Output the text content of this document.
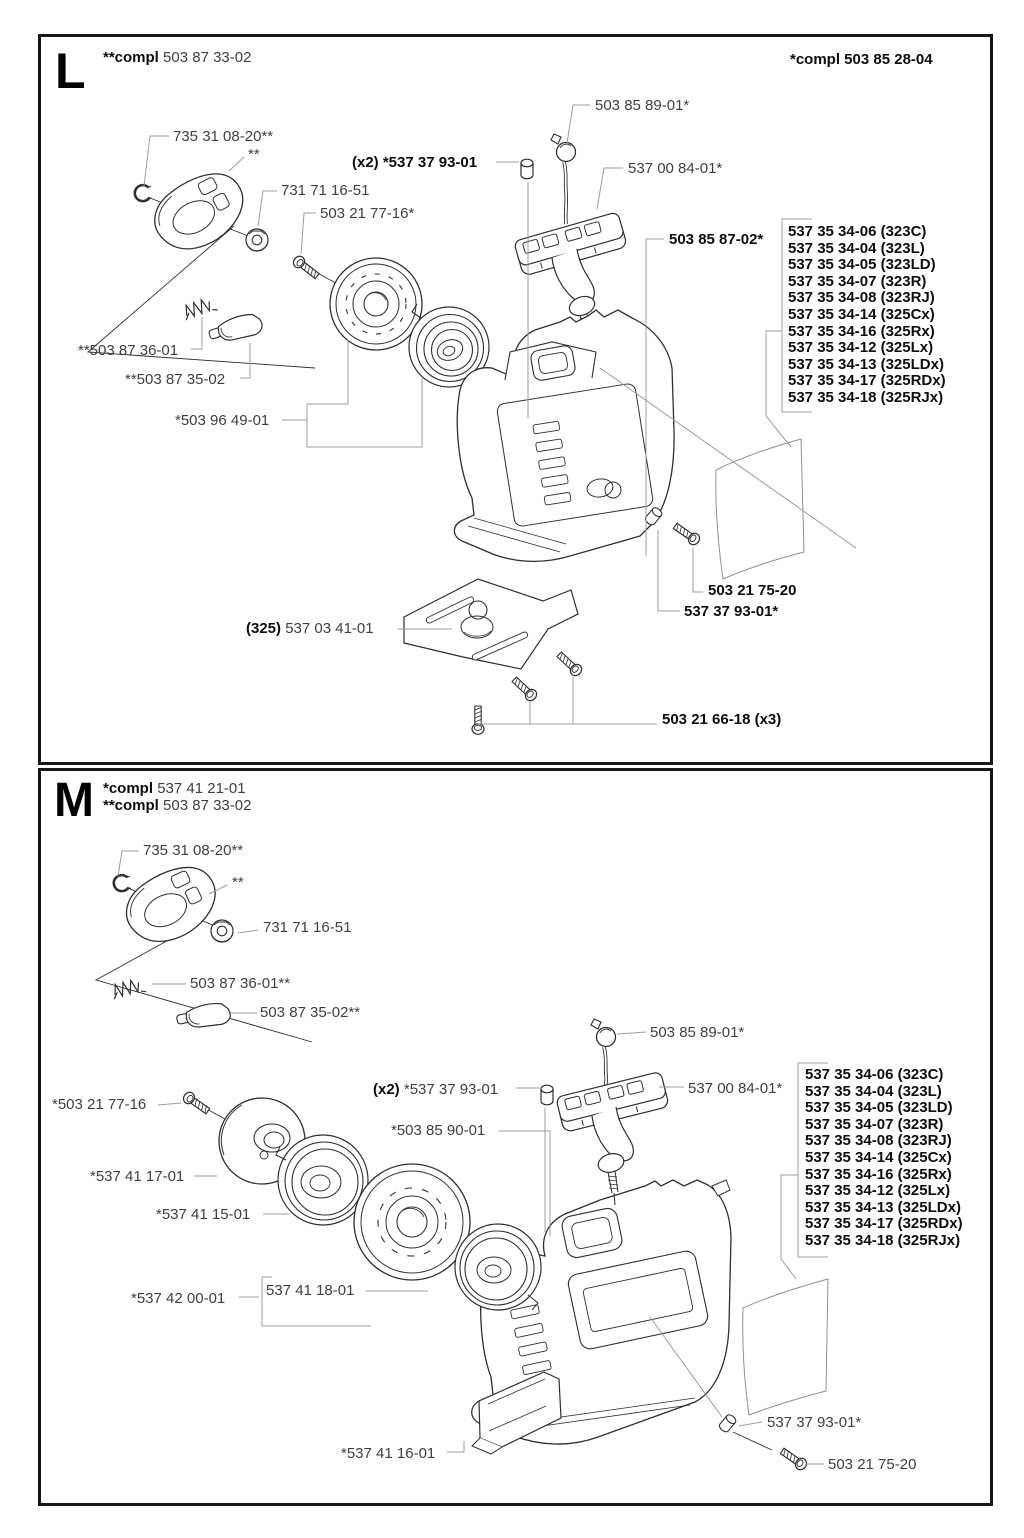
L **compl 503 87 33-02	*compl 503 85 28-04
735 31 08-20**
**
731 71 16-51
503 21 77-16*
(x2) *537 37 93-01
503 85 89-01*
537 00 84-01*
503 85 87-02*
**503 87 36-01
**503 87 35-02
*503 96 49-01
503 21 75-20
537 37 93-01*
(325) 537 03 41-01
503 21 66-18 (x3)
537 35 34-06 (323C)
537 35 34-04 (323L)
537 35 34-05 (323LD)
537 35 34-07 (323R)
537 35 34-08 (323RJ)
537 35 34-14 (325Cx)
537 35 34-16 (325Rx)
537 35 34-12 (325Lx)
537 35 34-13 (325LDx)
537 35 34-17 (325RDx)
537 35 34-18 (325RJx)
M *compl 537 41 21-01
**compl 503 87 33-02
735 31 08-20**
**
731 71 16-51
503 87 36-01**
503 87 35-02**
503 85 89-01*
(x2) *537 37 93-01	537 00 84-01*
*503 85 90-01
*503 21 77-16
*537 41 17-01
*537 41 15-01
*537 42 00-01	537 41 18-01
537 37 93-01*
*537 41 16-01
503 21 75-20
537 35 34-06 (323C)
537 35 34-04 (323L)
537 35 34-05 (323LD)
537 35 34-07 (323R)
537 35 34-08 (323RJ)
537 35 34-14 (325Cx)
537 35 34-16 (325Rx)
537 35 34-12 (325Lx)
537 35 34-13 (325LDx)
537 35 34-17 (325RDx)
537 35 34-18 (325RJx)
